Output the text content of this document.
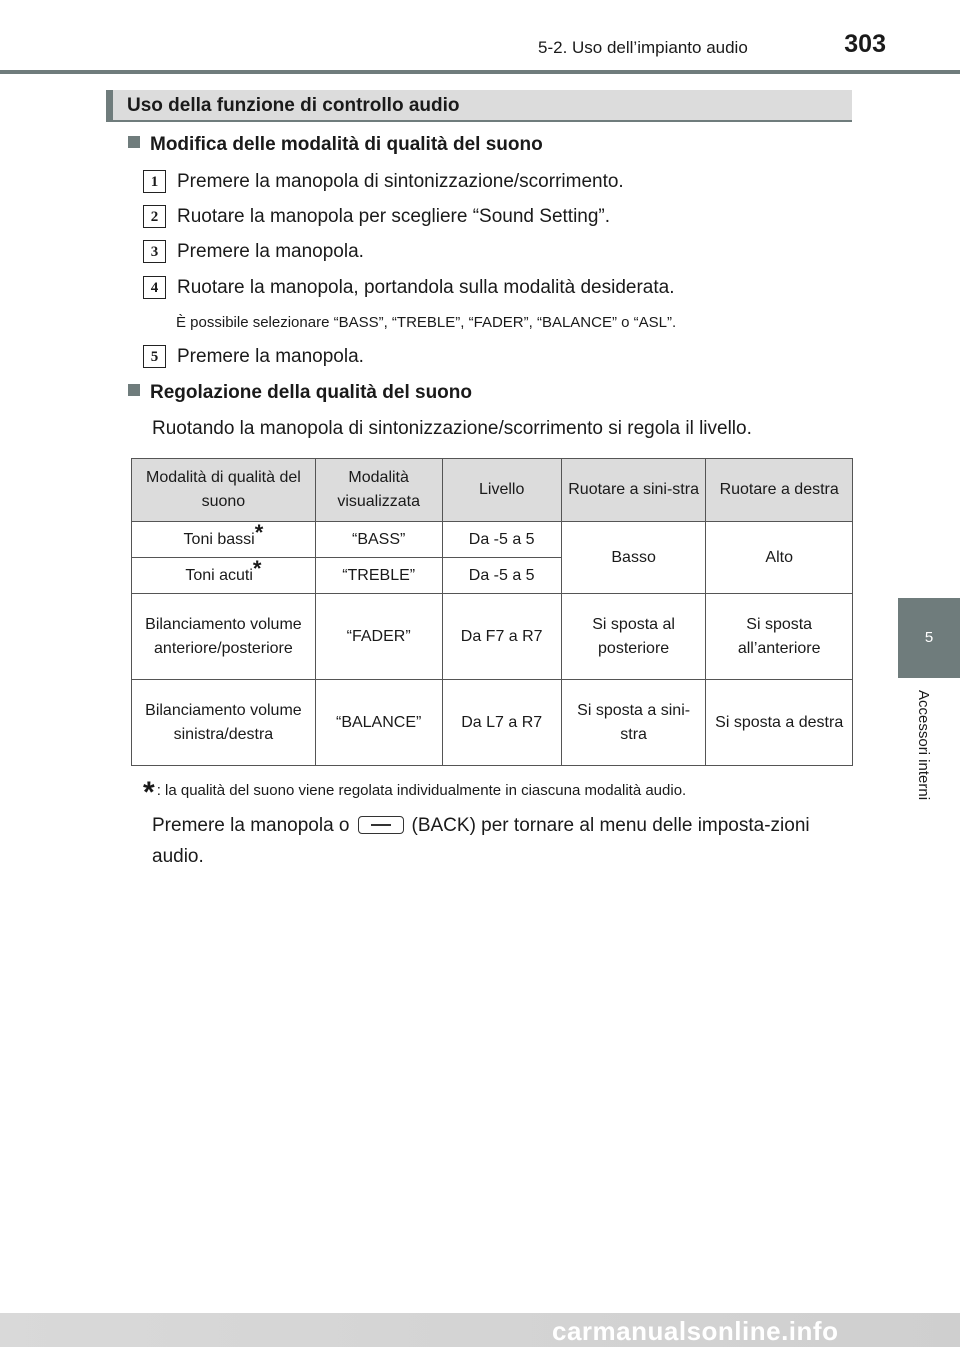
5-2. Uso dell’impianto audio	303
5
Accessori interni
Uso della funzione di controllo audio
Modifica delle modalità di qualità del suono
1 Premere la manopola di sintonizzazione/scorrimento.
2 Ruotare la manopola per scegliere “Sound Setting”.
3 Premere la manopola.
4 Ruotare la manopola, portandola sulla modalità desiderata.
È possibile selezionare “BASS”, “TREBLE”, “FADER”, “BALANCE” o “ASL”.
5 Premere la manopola.
Regolazione della qualità del suono
Ruotando la manopola di sintonizzazione/scorrimento si regola il livello.
Modalità di qualità del suono	Modalità visualizzata	Livello	Ruotare a sini-stra	Ruotare a destra
Toni bassi*	“BASS”	Da -5 a 5	Basso	Alto
Toni acuti*	“TREBLE”	Da -5 a 5		
Bilanciamento volume anteriore/posteriore	“FADER”	Da F7 a R7	Si sposta al posteriore	Si sposta all’anteriore
Bilanciamento volume sinistra/destra	“BALANCE”	Da L7 a R7	Si sposta a sini-stra	Si sposta a destra
* : la qualità del suono viene regolata individualmente in ciascuna modalità audio.
Premere la manopola o	(BACK) per tornare al menu delle imposta-zioni audio.
carmanualsonline.info
